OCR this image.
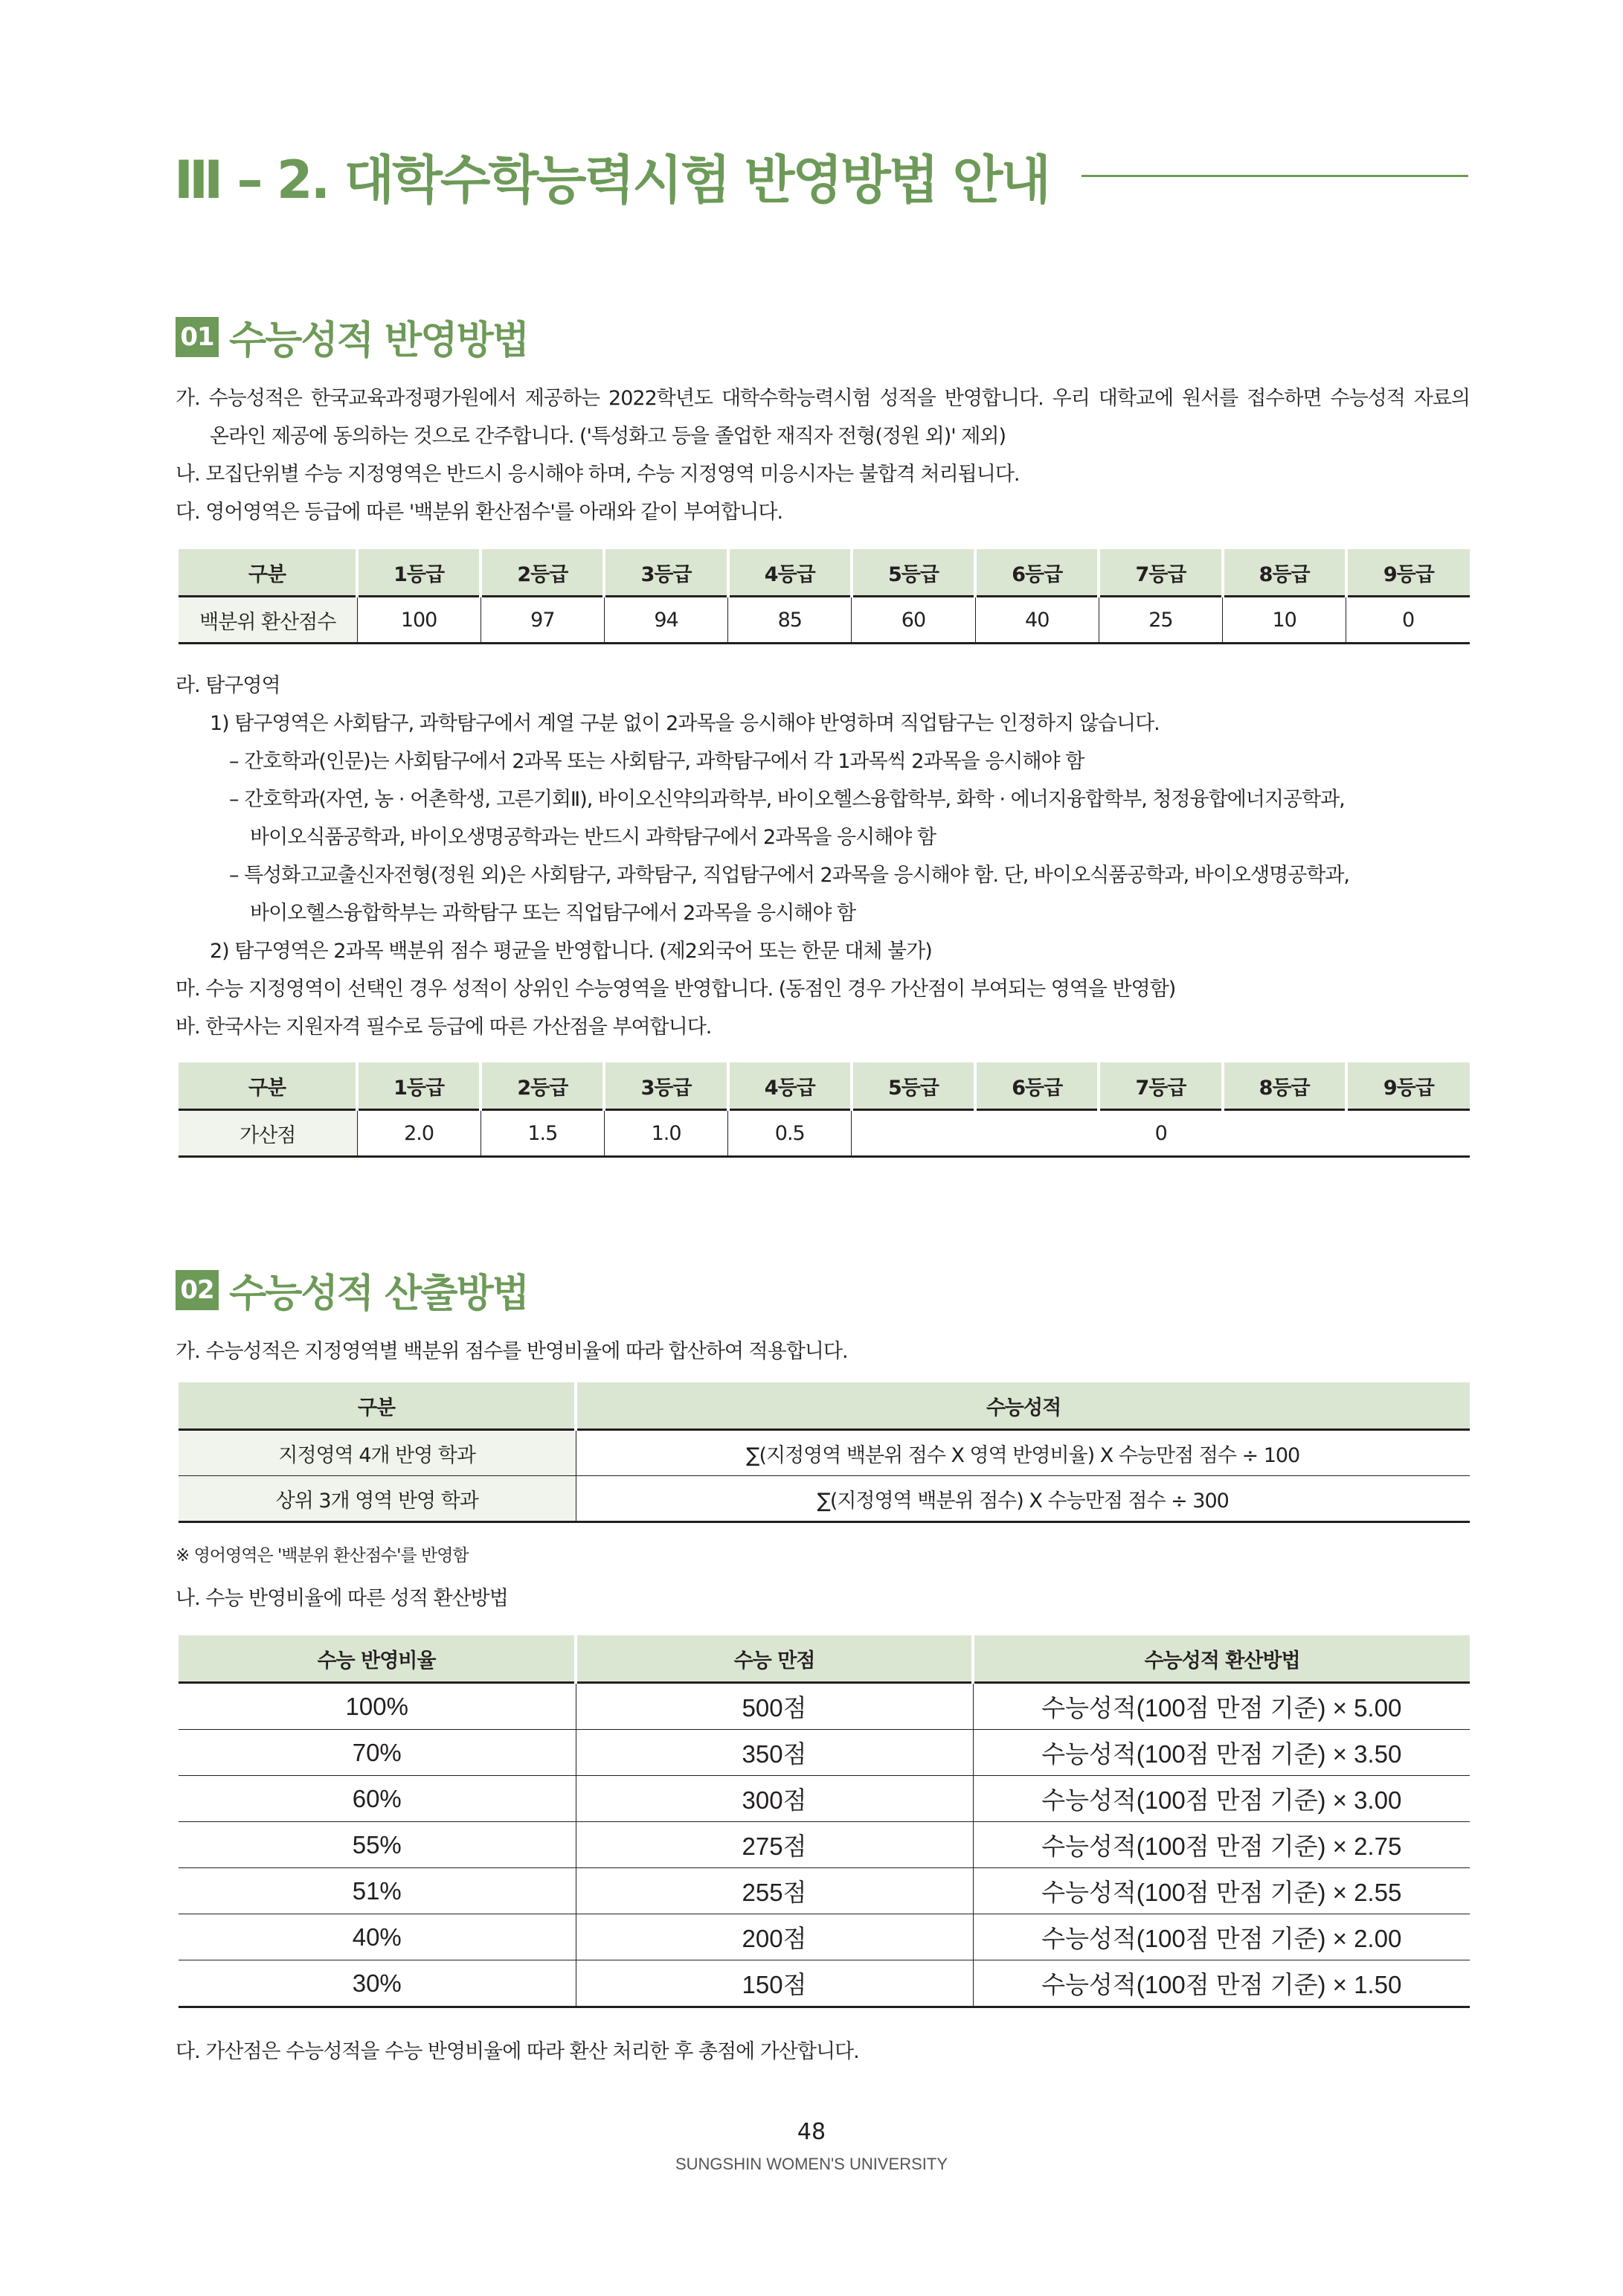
Ⅲ – 2. 대학수학능력시험 반영방법 안내
01 수능성적 반영방법
가. 수능성적은 한국교육과정평가원에서 제공하는 2022학년도 대학수학능력시험 성적을 반영합니다. 우리 대학교에 원서를 접수하면 수능성적 자료의
온라인 제공에 동의하는 것으로 간주합니다. ('특성화고 등을 졸업한 재직자 전형(정원 외)' 제외)
나. 모집단위별 수능 지정영역은 반드시 응시해야 하며, 수능 지정영역 미응시자는 불합격 처리됩니다.
다. 영어영역은 등급에 따른 '백분위 환산점수'를 아래와 같이 부여합니다.
구분	1등급	2등급	3등급	4등급	5등급	6등급	7등급	8등급	9등급
백분위 환산점수	100	97	94	85	60	40	25	10	0
라. 탐구영역
1) 탐구영역은 사회탐구, 과학탐구에서 계열 구분 없이 2과목을 응시해야 반영하며 직업탐구는 인정하지 않습니다.
– 간호학과(인문)는 사회탐구에서 2과목 또는 사회탐구, 과학탐구에서 각 1과목씩 2과목을 응시해야 함
– 간호학과(자연, 농 · 어촌학생, 고른기회Ⅱ), 바이오신약의과학부, 바이오헬스융합학부, 화학 · 에너지융합학부, 청정융합에너지공학과,
바이오식품공학과, 바이오생명공학과는 반드시 과학탐구에서 2과목을 응시해야 함
– 특성화고교출신자전형(정원 외)은 사회탐구, 과학탐구, 직업탐구에서 2과목을 응시해야 함. 단, 바이오식품공학과, 바이오생명공학과,
바이오헬스융합학부는 과학탐구 또는 직업탐구에서 2과목을 응시해야 함
2) 탐구영역은 2과목 백분위 점수 평균을 반영합니다. (제2외국어 또는 한문 대체 불가)
마. 수능 지정영역이 선택인 경우 성적이 상위인 수능영역을 반영합니다. (동점인 경우 가산점이 부여되는 영역을 반영함)
바. 한국사는 지원자격 필수로 등급에 따른 가산점을 부여합니다.
구분	1등급	2등급	3등급	4등급	5등급	6등급	7등급	8등급	9등급
가산점	2.0	1.5	1.0	0.5	0				
02 수능성적 산출방법
가. 수능성적은 지정영역별 백분위 점수를 반영비율에 따라 합산하여 적용합니다.
구분	수능성적
지정영역 4개 반영 학과	∑(지정영역 백분위 점수 X 영역 반영비율) X 수능만점 점수 ÷ 100
상위 3개 영역 반영 학과	∑(지정영역 백분위 점수) X 수능만점 점수 ÷ 300
※ 영어영역은 '백분위 환산점수'를 반영함
나. 수능 반영비율에 따른 성적 환산방법
수능 반영비율	수능 만점	수능성적 환산방법
100%	500점	수능성적(100점 만점 기준) × 5.00
70%	350점	수능성적(100점 만점 기준) × 3.50
60%	300점	수능성적(100점 만점 기준) × 3.00
55%	275점	수능성적(100점 만점 기준) × 2.75
51%	255점	수능성적(100점 만점 기준) × 2.55
40%	200점	수능성적(100점 만점 기준) × 2.00
30%	150점	수능성적(100점 만점 기준) × 1.50
다. 가산점은 수능성적을 수능 반영비율에 따라 환산 처리한 후 총점에 가산합니다.
48
SUNGSHIN WOMEN'S UNIVERSITY
